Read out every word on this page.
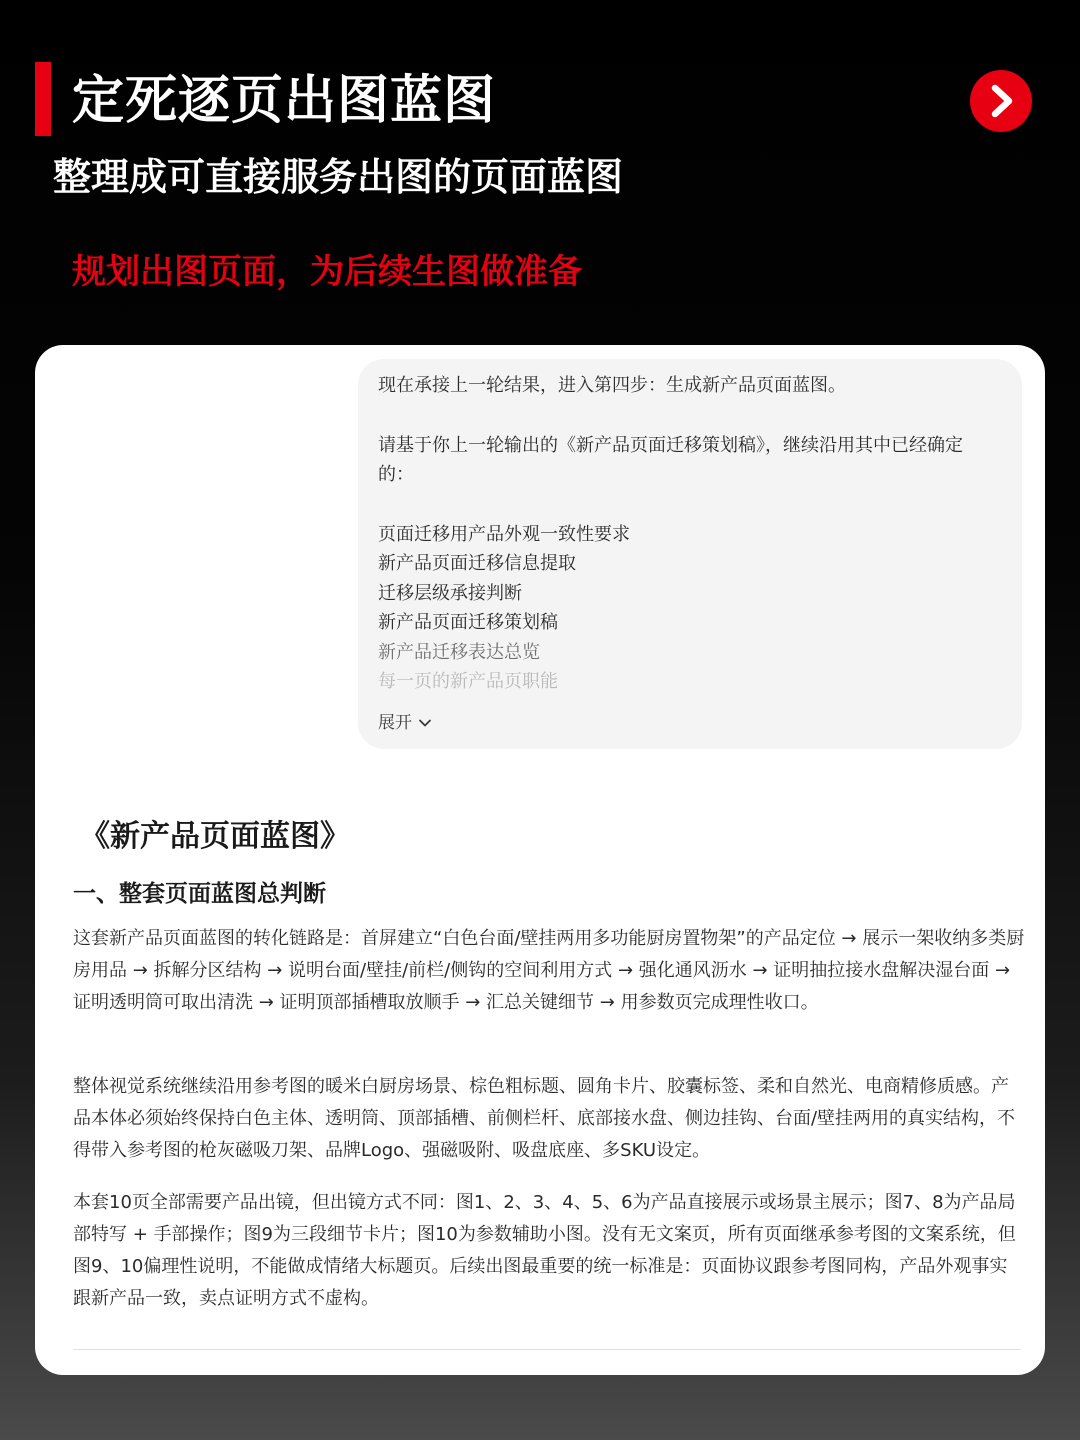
定死逐页出图蓝图
整理成可直接服务出图的页面蓝图
规划出图页面，为后续生图做准备

现在承接上一轮结果，进入第四步：生成新产品页面蓝图。

请基于你上一轮输出的《新产品页面迁移策划稿》，继续沿用其中已经确定的：

页面迁移用产品外观一致性要求

新产品页面迁移信息提取

迁移层级承接判断

新产品页面迁移策划稿

新产品迁移表达总览

每一页的新产品页职能

展开
《新产品页面蓝图》
一、整套页面蓝图总判断

这套新产品页面蓝图的转化链路是：首屏建立“白色台面/壁挂两用多功能厨房置物架”的产品定位 → 展示一架收纳多类厨房用品 → 拆解分区结构 → 说明台面/壁挂/前栏/侧钩的空间利用方式 → 强化通风沥水 → 证明抽拉接水盘解决湿台面 → 证明透明筒可取出清洗 → 证明顶部插槽取放顺手 → 汇总关键细节 → 用参数页完成理性收口。

整体视觉系统继续沿用参考图的暖米白厨房场景、棕色粗标题、圆角卡片、胶囊标签、柔和自然光、电商精修质感。产品本体必须始终保持白色主体、透明筒、顶部插槽、前侧栏杆、底部接水盘、侧边挂钩、台面/壁挂两用的真实结构，不得带入参考图的枪灰磁吸刀架、品牌Logo、强磁吸附、吸盘底座、多SKU设定。

本套10页全部需要产品出镜，但出镜方式不同：图1、2、3、4、5、6为产品直接展示或场景主展示；图7、8为产品局部特写 + 手部操作；图9为三段细节卡片；图10为参数辅助小图。没有无文案页，所有页面继承参考图的文案系统，但图9、10偏理性说明，不能做成情绪大标题页。后续出图最重要的统一标准是：页面协议跟参考图同构，产品外观事实跟新产品一致，卖点证明方式不虚构。
